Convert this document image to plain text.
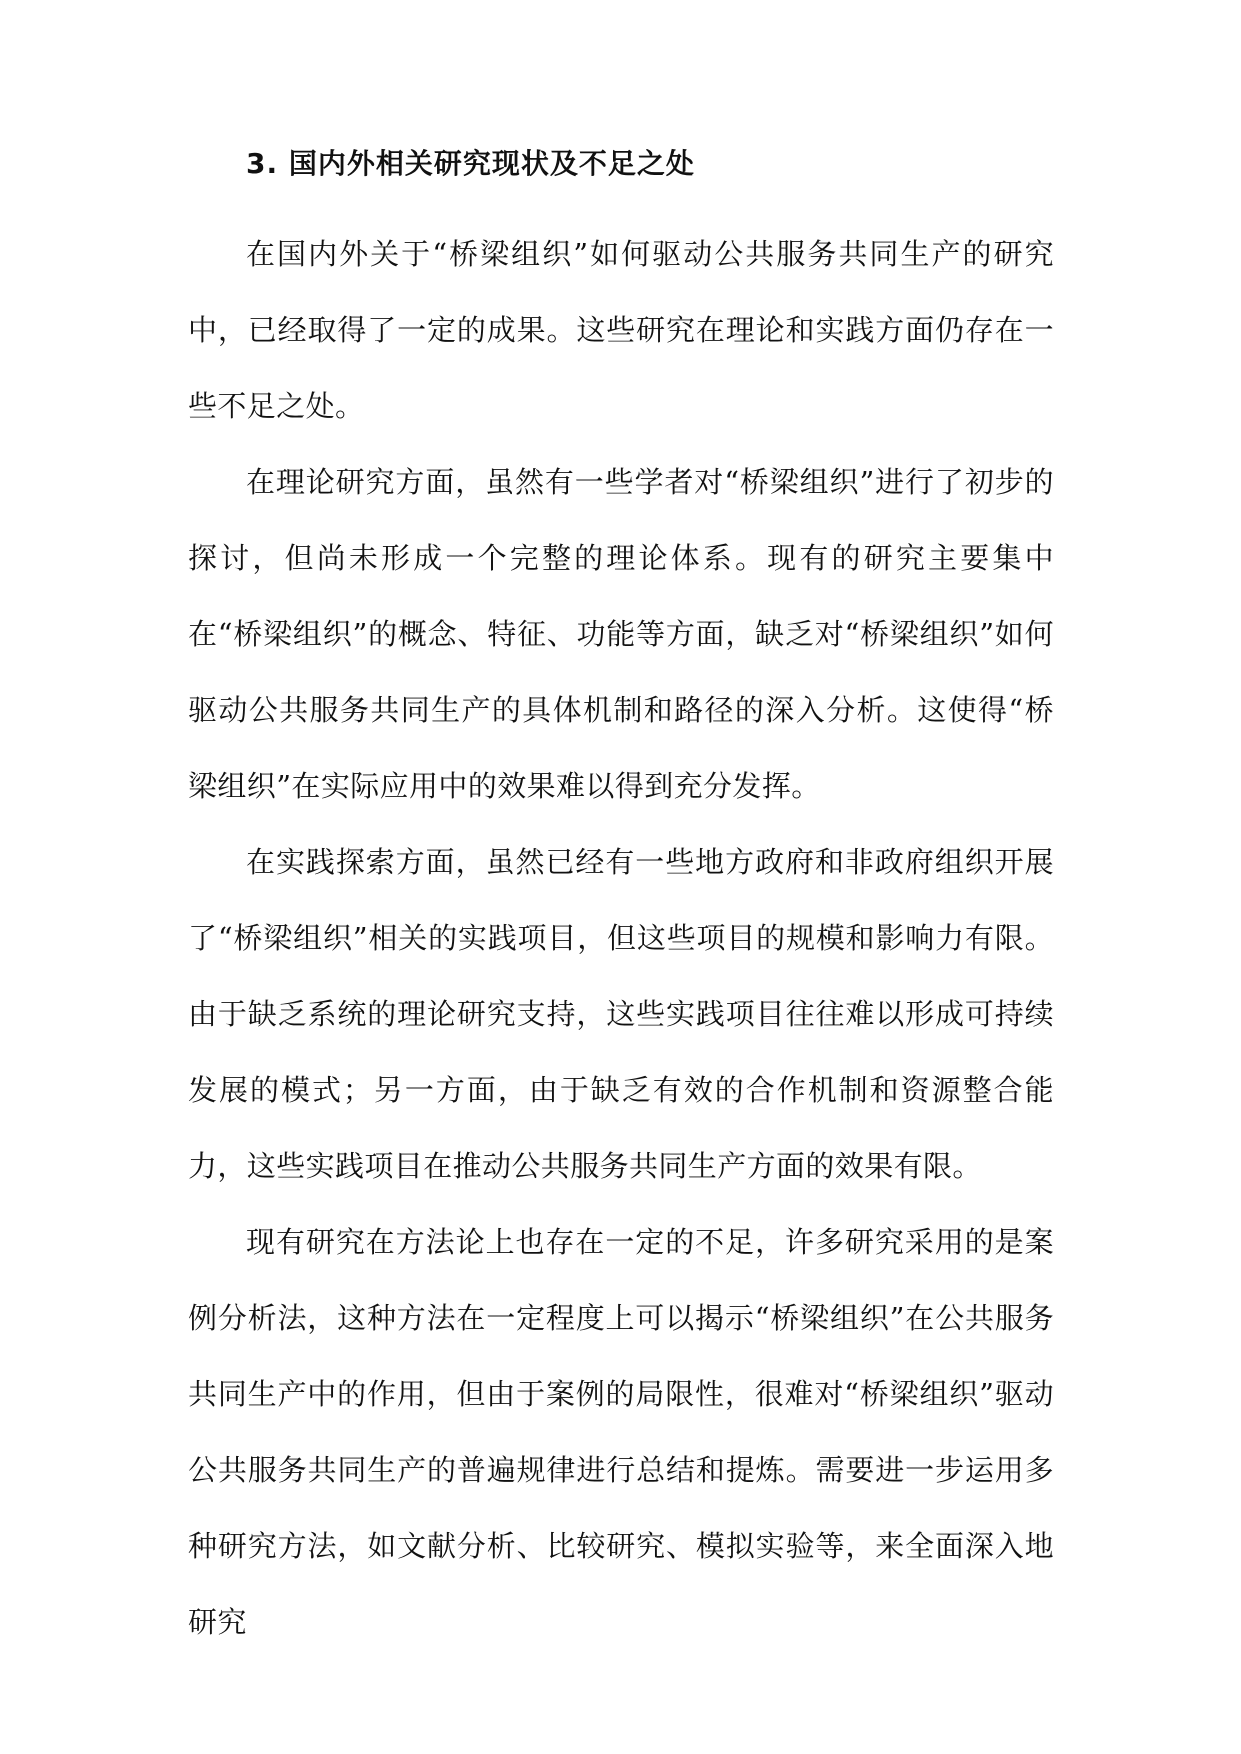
3. 国内外相关研究现状及不足之处

在国内外关于“桥梁组织”如何驱动公共服务共同生产的研究中，已经取得了一定的成果。这些研究在理论和实践方面仍存在一些不足之处。

在理论研究方面，虽然有一些学者对“桥梁组织”进行了初步的探讨，但尚未形成一个完整的理论体系。现有的研究主要集中在“桥梁组织”的概念、特征、功能等方面，缺乏对“桥梁组织”如何驱动公共服务共同生产的具体机制和路径的深入分析。这使得“桥梁组织”在实际应用中的效果难以得到充分发挥。

在实践探索方面，虽然已经有一些地方政府和非政府组织开展了“桥梁组织”相关的实践项目，但这些项目的规模和影响力有限。由于缺乏系统的理论研究支持，这些实践项目往往难以形成可持续发展的模式；另一方面，由于缺乏有效的合作机制和资源整合能力，这些实践项目在推动公共服务共同生产方面的效果有限。

现有研究在方法论上也存在一定的不足，许多研究采用的是案例分析法，这种方法在一定程度上可以揭示“桥梁组织”在公共服务共同生产中的作用，但由于案例的局限性，很难对“桥梁组织”驱动公共服务共同生产的普遍规律进行总结和提炼。需要进一步运用多种研究方法，如文献分析、比较研究、模拟实验等，来全面深入地研究
